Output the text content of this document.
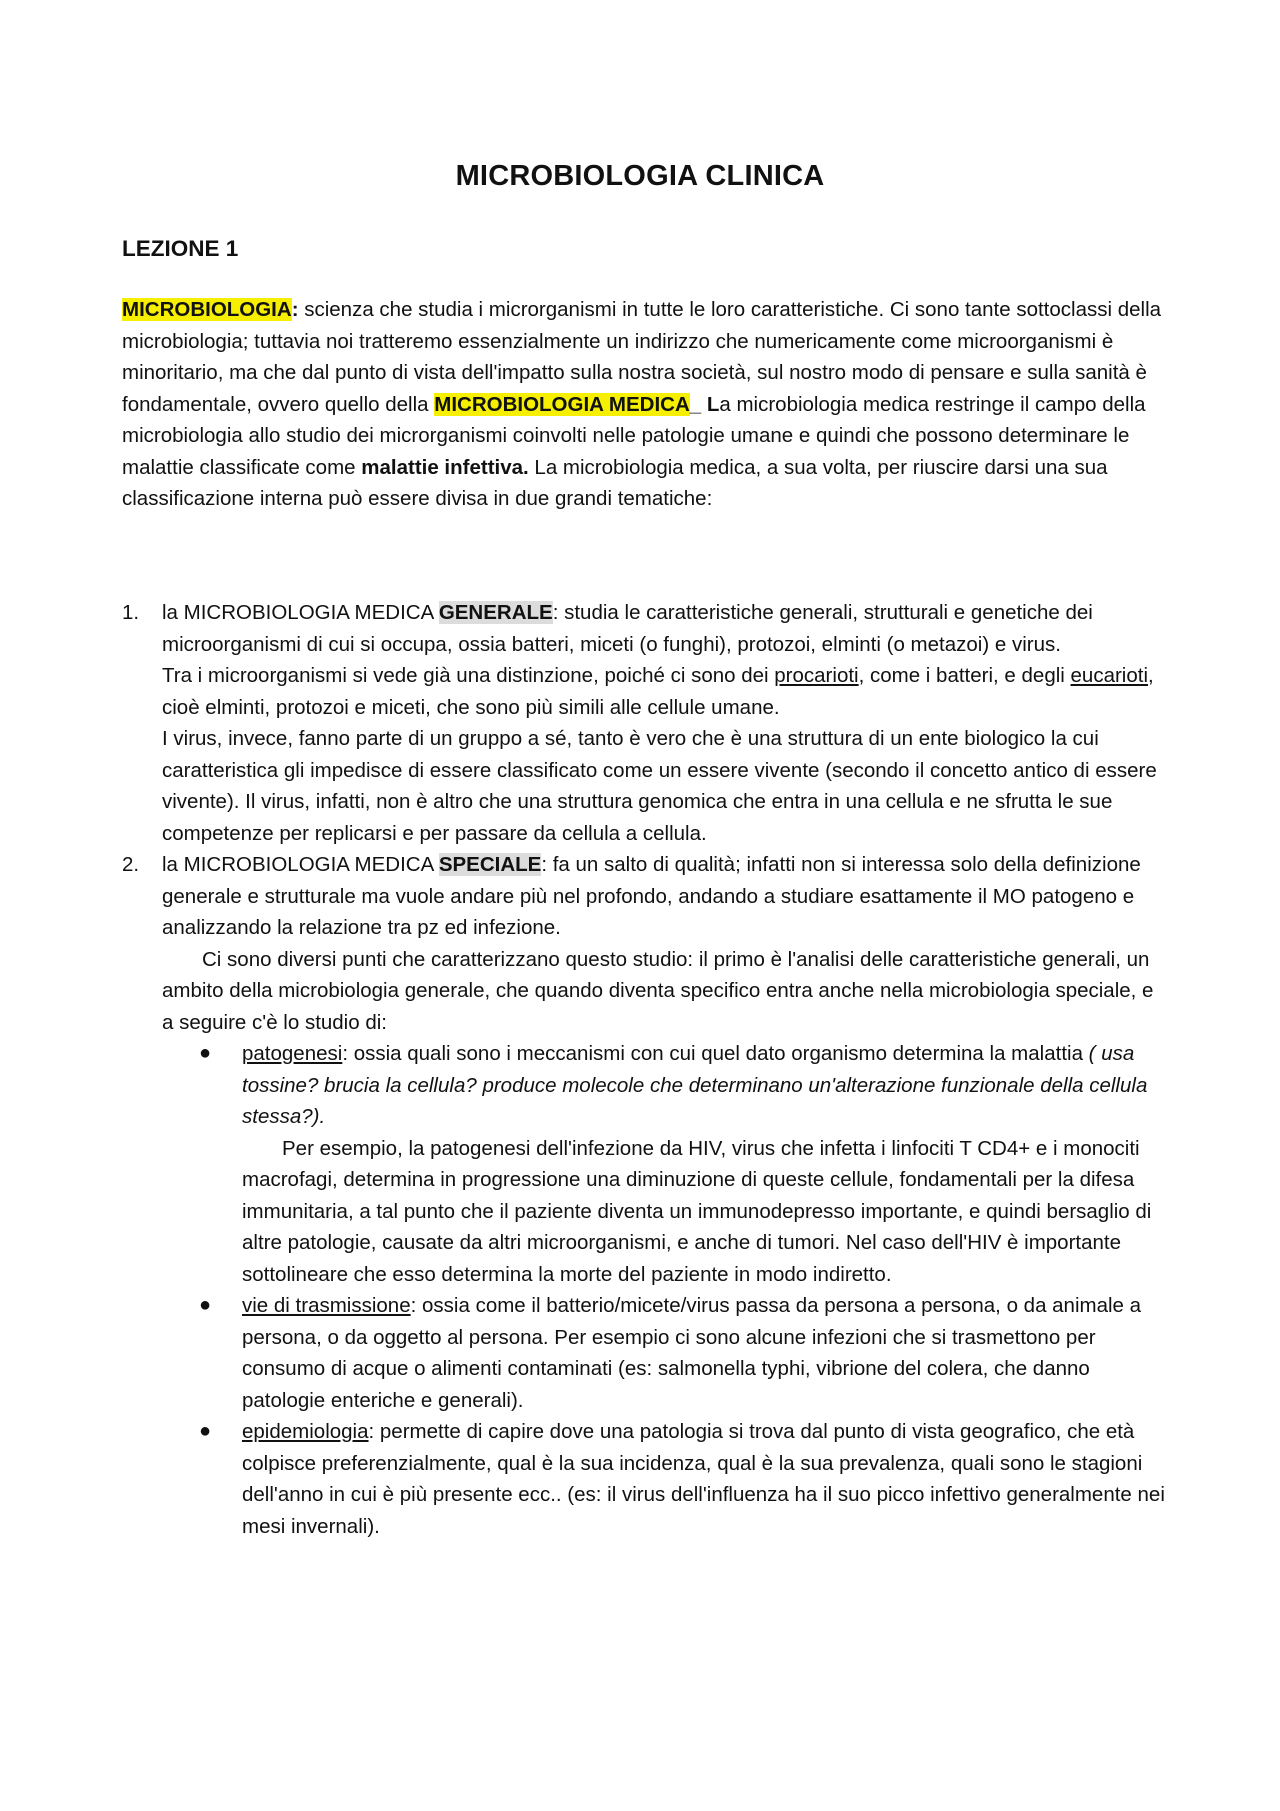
MICROBIOLOGIA CLINICA
LEZIONE 1

MICROBIOLOGIA: scienza che studia i microrganismi in tutte le loro caratteristiche. Ci sono tante sottoclassi della microbiologia; tuttavia noi tratteremo essenzialmente un indirizzo che numericamente come microorganismi è minoritario, ma che dal punto di vista dell'impatto sulla nostra società, sul nostro modo di pensare e sulla sanità è fondamentale, ovvero quello della MICROBIOLOGIA MEDICA_ La microbiologia medica restringe il campo della microbiologia allo studio dei microrganismi coinvolti nelle patologie umane e quindi che possono determinare le malattie classificate come malattie infettiva. La microbiologia medica, a sua volta, per riuscire darsi una sua classificazione interna può essere divisa in due grandi tematiche:

1. la MICROBIOLOGIA MEDICA GENERALE: studia le caratteristiche generali, strutturali e genetiche dei microorganismi di cui si occupa, ossia batteri, miceti (o funghi), protozoi, elminti (o metazoi) e virus.

Tra i microorganismi si vede già una distinzione, poiché ci sono dei procarioti, come i batteri, e degli eucarioti, cioè elminti, protozoi e miceti, che sono più simili alle cellule umane.

I virus, invece, fanno parte di un gruppo a sé, tanto è vero che è una struttura di un ente biologico la cui caratteristica gli impedisce di essere classificato come un essere vivente (secondo il concetto antico di essere vivente). Il virus, infatti, non è altro che una struttura genomica che entra in una cellula e ne sfrutta le sue competenze per replicarsi e per passare da cellula a cellula.

2. la MICROBIOLOGIA MEDICA SPECIALE: fa un salto di qualità; infatti non si interessa solo della definizione generale e strutturale ma vuole andare più nel profondo, andando a studiare esattamente il MO patogeno e analizzando la relazione tra pz ed infezione.

Ci sono diversi punti che caratterizzano questo studio: il primo è l'analisi delle caratteristiche generali, un ambito della microbiologia generale, che quando diventa specifico entra anche nella microbiologia speciale, e a seguire c'è lo studio di:

● patogenesi: ossia quali sono i meccanismi con cui quel dato organismo determina la malattia ( usa tossine? brucia la cellula? produce molecole che determinano un'alterazione funzionale della cellula stessa?).

Per esempio, la patogenesi dell'infezione da HIV, virus che infetta i linfociti T CD4+ e i monociti macrofagi, determina in progressione una diminuzione di queste cellule, fondamentali per la difesa immunitaria, a tal punto che il paziente diventa un immunodepresso importante, e quindi bersaglio di altre patologie, causate da altri microorganismi, e anche di tumori. Nel caso dell'HIV è importante sottolineare che esso determina la morte del paziente in modo indiretto.

● vie di trasmissione: ossia come il batterio/micete/virus passa da persona a persona, o da animale a persona, o da oggetto al persona. Per esempio ci sono alcune infezioni che si trasmettono per consumo di acque o alimenti contaminati (es: salmonella typhi, vibrione del colera, che danno patologie enteriche e generali).

● epidemiologia: permette di capire dove una patologia si trova dal punto di vista geografico, che età colpisce preferenzialmente, qual è la sua incidenza, qual è la sua prevalenza, quali sono le stagioni dell'anno in cui è più presente ecc.. (es: il virus dell'influenza ha il suo picco infettivo generalmente nei mesi invernali).
